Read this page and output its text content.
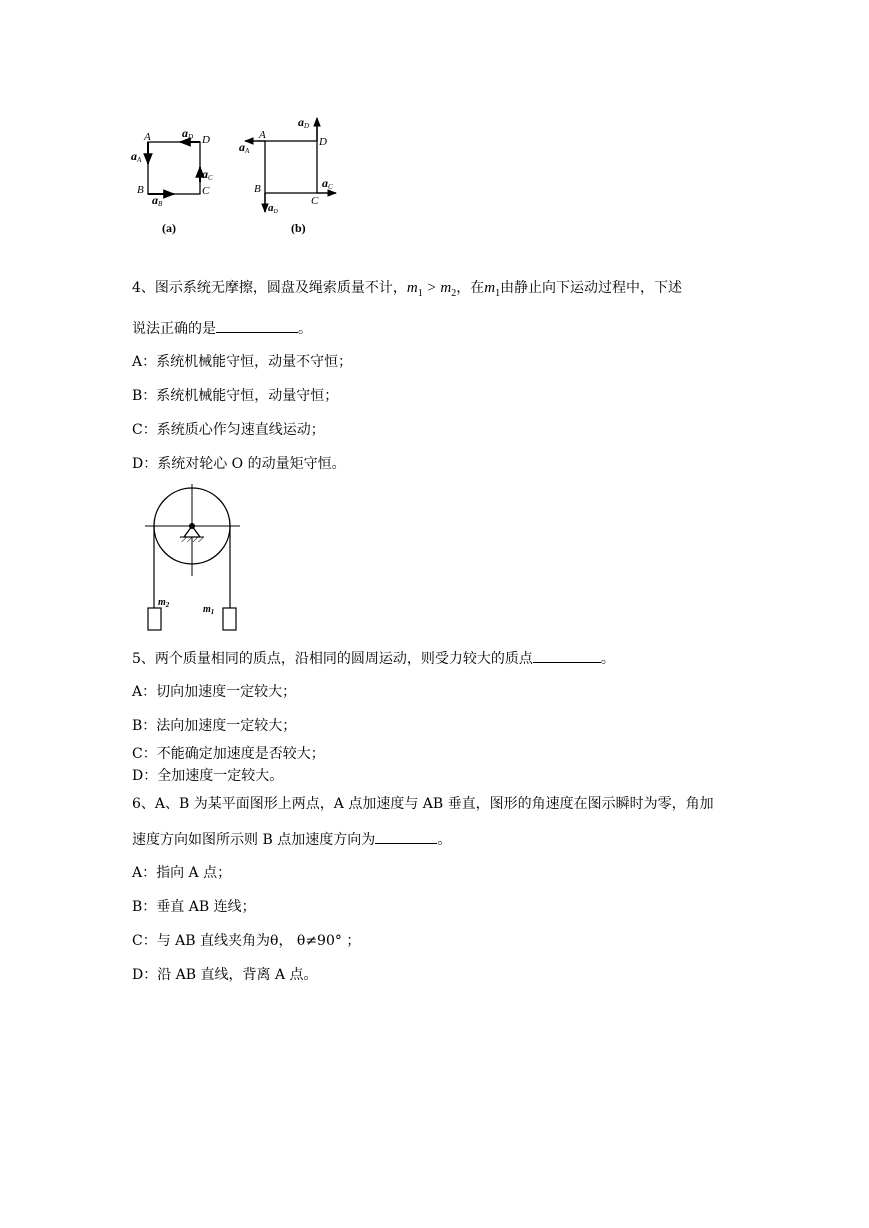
A
B	C
D
aD
aA
aC
aB
(a)
A
B
C
D
aD
aA
aC
aD
(b)
4、图示系统无摩擦，圆盘及绳索质量不计，$m_1 > m_2$，在$m_1$由静止向下运动过程中，下述
说法正确的是	。
A：系统机械能守恒，动量不守恒；
B：系统机械能守恒，动量守恒；
C：系统质心作匀速直线运动；
D：系统对轮心 O 的动量矩守恒。
$m_2$	$m_1$
5、两个质量相同的质点，沿相同的圆周运动，则受力较大的质点	。
A：切向加速度一定较大；
B：法向加速度一定较大；
C：不能确定加速度是否较大；
D：全加速度一定较大。
6、A、B 为某平面图形上两点，A 点加速度与 AB 垂直，图形的角速度在图示瞬时为零，角加
速度方向如图所示则 B 点加速度方向为	。
A：指向 A 点；
B：垂直 AB 连线；
C：与 AB 直线夹角为θ， θ≠90° ；
D：沿 AB 直线，背离 A 点。
